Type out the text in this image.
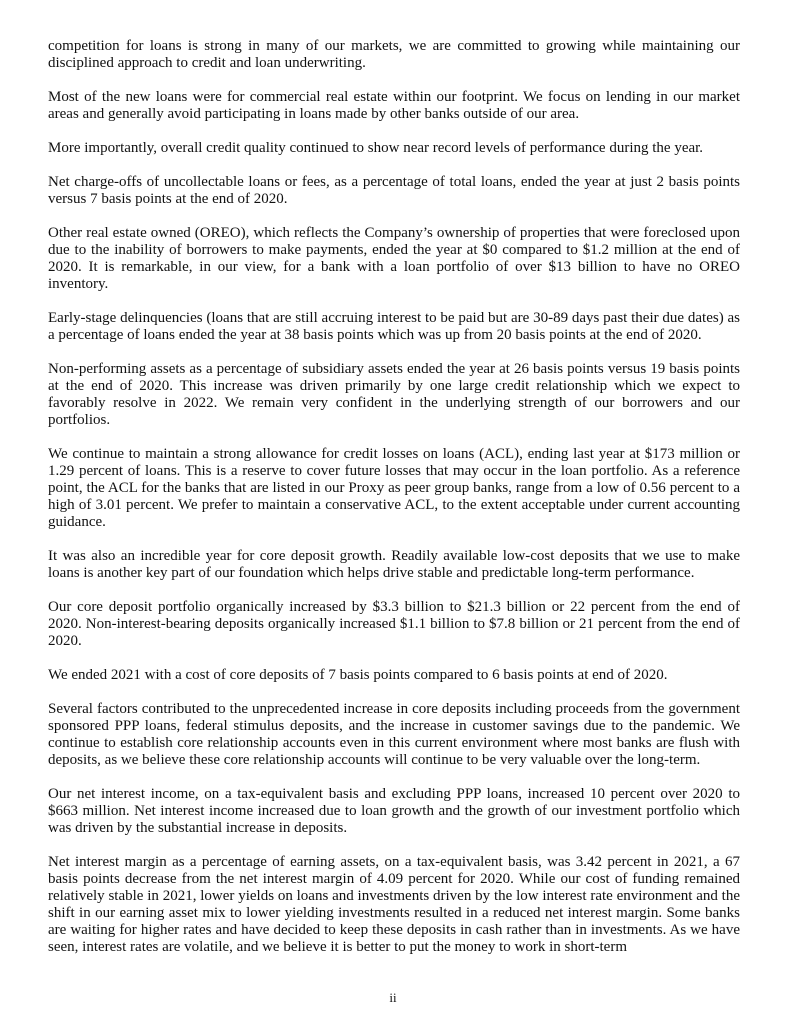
competition for loans is strong in many of our markets, we are committed to growing while maintaining our disciplined approach to credit and loan underwriting.

Most of the new loans were for commercial real estate within our footprint. We focus on lending in our market areas and generally avoid participating in loans made by other banks outside of our area.

More importantly, overall credit quality continued to show near record levels of performance during the year.

Net charge-offs of uncollectable loans or fees, as a percentage of total loans, ended the year at just 2 basis points versus 7 basis points at the end of 2020.

Other real estate owned (OREO), which reflects the Company’s ownership of properties that were foreclosed upon due to the inability of borrowers to make payments, ended the year at $0 compared to $1.2 million at the end of 2020. It is remarkable, in our view, for a bank with a loan portfolio of over $13 billion to have no OREO inventory.

Early-stage delinquencies (loans that are still accruing interest to be paid but are 30-89 days past their due dates) as a percentage of loans ended the year at 38 basis points which was up from 20 basis points at the end of 2020.

Non-performing assets as a percentage of subsidiary assets ended the year at 26 basis points versus 19 basis points at the end of 2020. This increase was driven primarily by one large credit relationship which we expect to favorably resolve in 2022. We remain very confident in the underlying strength of our borrowers and our portfolios.

We continue to maintain a strong allowance for credit losses on loans (ACL), ending last year at $173 million or 1.29 percent of loans. This is a reserve to cover future losses that may occur in the loan portfolio. As a reference point, the ACL for the banks that are listed in our Proxy as peer group banks, range from a low of 0.56 percent to a high of 3.01 percent. We prefer to maintain a conservative ACL, to the extent acceptable under current accounting guidance.

It was also an incredible year for core deposit growth. Readily available low-cost deposits that we use to make loans is another key part of our foundation which helps drive stable and predictable long-term performance.

Our core deposit portfolio organically increased by $3.3 billion to $21.3 billion or 22 percent from the end of 2020. Non-interest-bearing deposits organically increased $1.1 billion to $7.8 billion or 21 percent from the end of 2020.

We ended 2021 with a cost of core deposits of 7 basis points compared to 6 basis points at end of 2020.

Several factors contributed to the unprecedented increase in core deposits including proceeds from the government sponsored PPP loans, federal stimulus deposits, and the increase in customer savings due to the pandemic. We continue to establish core relationship accounts even in this current environment where most banks are flush with deposits, as we believe these core relationship accounts will continue to be very valuable over the long-term.

Our net interest income, on a tax-equivalent basis and excluding PPP loans, increased 10 percent over 2020 to $663 million. Net interest income increased due to loan growth and the growth of our investment portfolio which was driven by the substantial increase in deposits.

Net interest margin as a percentage of earning assets, on a tax-equivalent basis, was 3.42 percent in 2021, a 67 basis points decrease from the net interest margin of 4.09 percent for 2020. While our cost of funding remained relatively stable in 2021, lower yields on loans and investments driven by the low interest rate environment and the shift in our earning asset mix to lower yielding investments resulted in a reduced net interest margin. Some banks are waiting for higher rates and have decided to keep these deposits in cash rather than in investments. As we have seen, interest rates are volatile, and we believe it is better to put the money to work in short-term

ii
